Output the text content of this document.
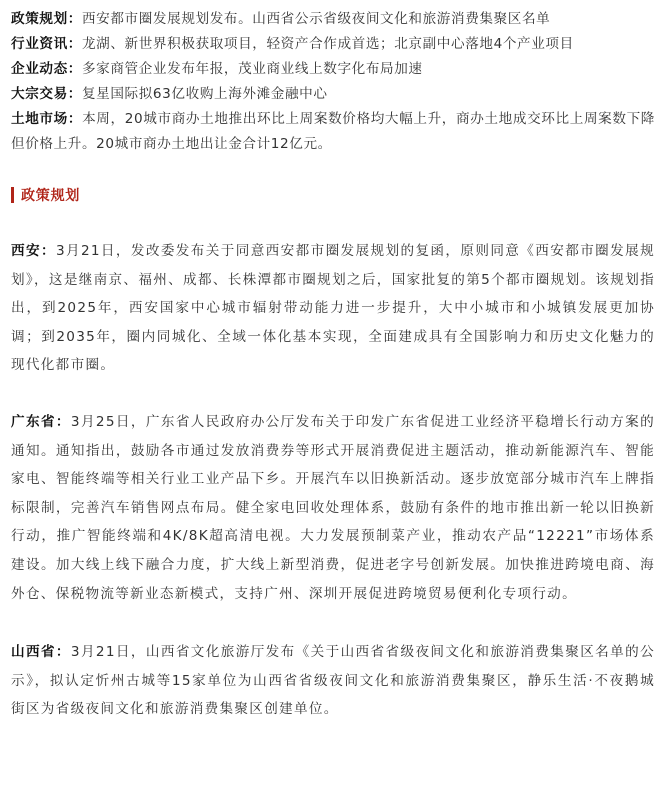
政策规划：西安都市圈发展规划发布。山西省公示省级夜间文化和旅游消费集聚区名单
行业资讯：龙湖、新世界积极获取项目，轻资产合作成首选；北京副中心落地4个产业项目
企业动态：多家商管企业发布年报，茂业商业线上数字化布局加速
大宗交易：复星国际拟63亿收购上海外滩金融中心
土地市场：本周，20城市商办土地推出环比上周案数价格均大幅上升，商办土地成交环比上周案数下降但价格上升。20城市商办土地出让金合计12亿元。
政策规划
西安：3月21日，发改委发布关于同意西安都市圈发展规划的复函，原则同意《西安都市圈发展规划》，这是继南京、福州、成都、长株潭都市圈规划之后，国家批复的第5个都市圈规划。该规划指出，到2025年，西安国家中心城市辐射带动能力进一步提升，大中小城市和小城镇发展更加协调；到2035年，圈内同城化、全域一体化基本实现，全面建成具有全国影响力和历史文化魅力的现代化都市圈。
广东省：3月25日，广东省人民政府办公厅发布关于印发广东省促进工业经济平稳增长行动方案的通知。通知指出，鼓励各市通过发放消费券等形式开展消费促进主题活动，推动新能源汽车、智能家电、智能终端等相关行业工业产品下乡。开展汽车以旧换新活动。逐步放宽部分城市汽车上牌指标限制，完善汽车销售网点布局。健全家电回收处理体系，鼓励有条件的地市推出新一轮以旧换新行动，推广智能终端和4K/8K超高清电视。大力发展预制菜产业，推动农产品“12221”市场体系建设。加大线上线下融合力度，扩大线上新型消费，促进老字号创新发展。加快推进跨境电商、海外仓、保税物流等新业态新模式，支持广州、深圳开展促进跨境贸易便利化专项行动。
山西省：3月21日，山西省文化旅游厅发布《关于山西省省级夜间文化和旅游消费集聚区名单的公示》，拟认定忻州古城等15家单位为山西省省级夜间文化和旅游消费集聚区，静乐生活·不夜鹅城街区为省级夜间文化和旅游消费集聚区创建单位。
